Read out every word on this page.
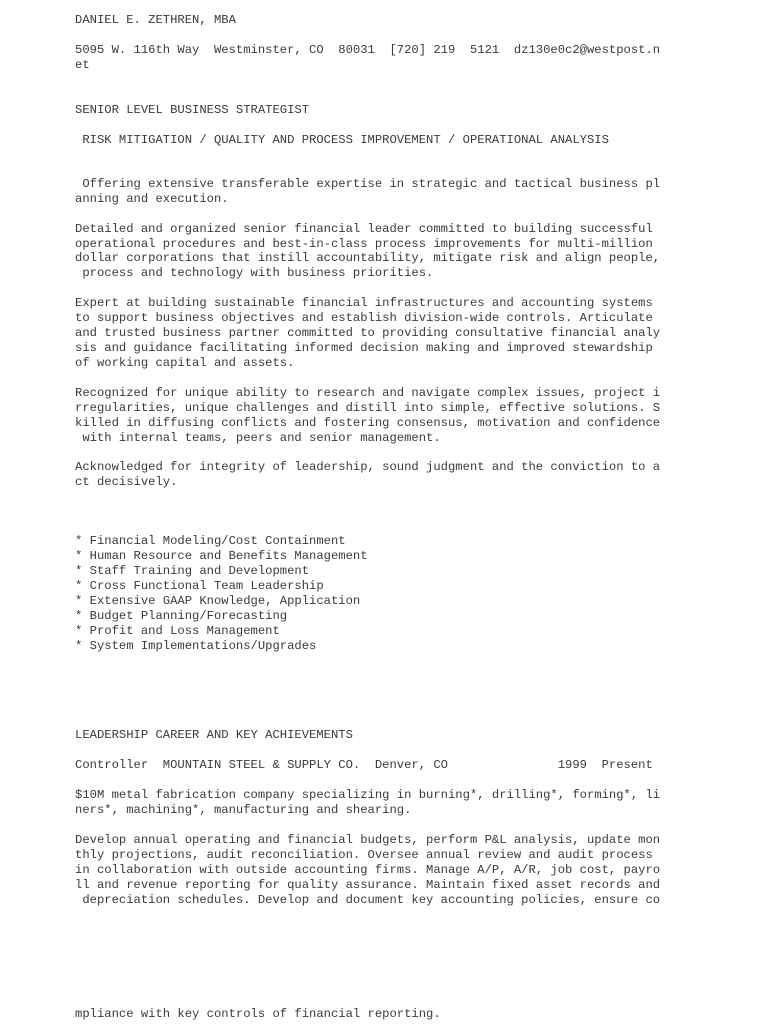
DANIEL E. ZETHREN, MBA
5095 W. 116th Way  Westminster, CO  80031  [720] 219  5121  dz130e0c2@westpost.n
et
SENIOR LEVEL BUSINESS STRATEGIST
RISK MITIGATION / QUALITY AND PROCESS IMPROVEMENT / OPERATIONAL ANALYSIS
Offering extensive transferable expertise in strategic and tactical business pl
anning and execution.
Detailed and organized senior financial leader committed to building successful
operational procedures and best-in-class process improvements for multi-million
dollar corporations that instill accountability, mitigate risk and align people,
process and technology with business priorities.
Expert at building sustainable financial infrastructures and accounting systems
to support business objectives and establish division-wide controls. Articulate
and trusted business partner committed to providing consultative financial analy
sis and guidance facilitating informed decision making and improved stewardship
of working capital and assets.
Recognized for unique ability to research and navigate complex issues, project i
rregularities, unique challenges and distill into simple, effective solutions. S
killed in diffusing conflicts and fostering consensus, motivation and confidence
with internal teams, peers and senior management.
Acknowledged for integrity of leadership, sound judgment and the conviction to a
ct decisively.
* Financial Modeling/Cost Containment
* Human Resource and Benefits Management
* Staff Training and Development
* Cross Functional Team Leadership
* Extensive GAAP Knowledge, Application
* Budget Planning/Forecasting
* Profit and Loss Management
* System Implementations/Upgrades
LEADERSHIP CAREER AND KEY ACHIEVEMENTS
Controller  MOUNTAIN STEEL & SUPPLY CO.  Denver, CO               1999  Present
$10M metal fabrication company specializing in burning*, drilling*, forming*, li
ners*, machining*, manufacturing and shearing.
Develop annual operating and financial budgets, perform P&L analysis, update mon
thly projections, audit reconciliation. Oversee annual review and audit process
in collaboration with outside accounting firms. Manage A/P, A/R, job cost, payro
ll and revenue reporting for quality assurance. Maintain fixed asset records and
depreciation schedules. Develop and document key accounting policies, ensure co
mpliance with key controls of financial reporting.
